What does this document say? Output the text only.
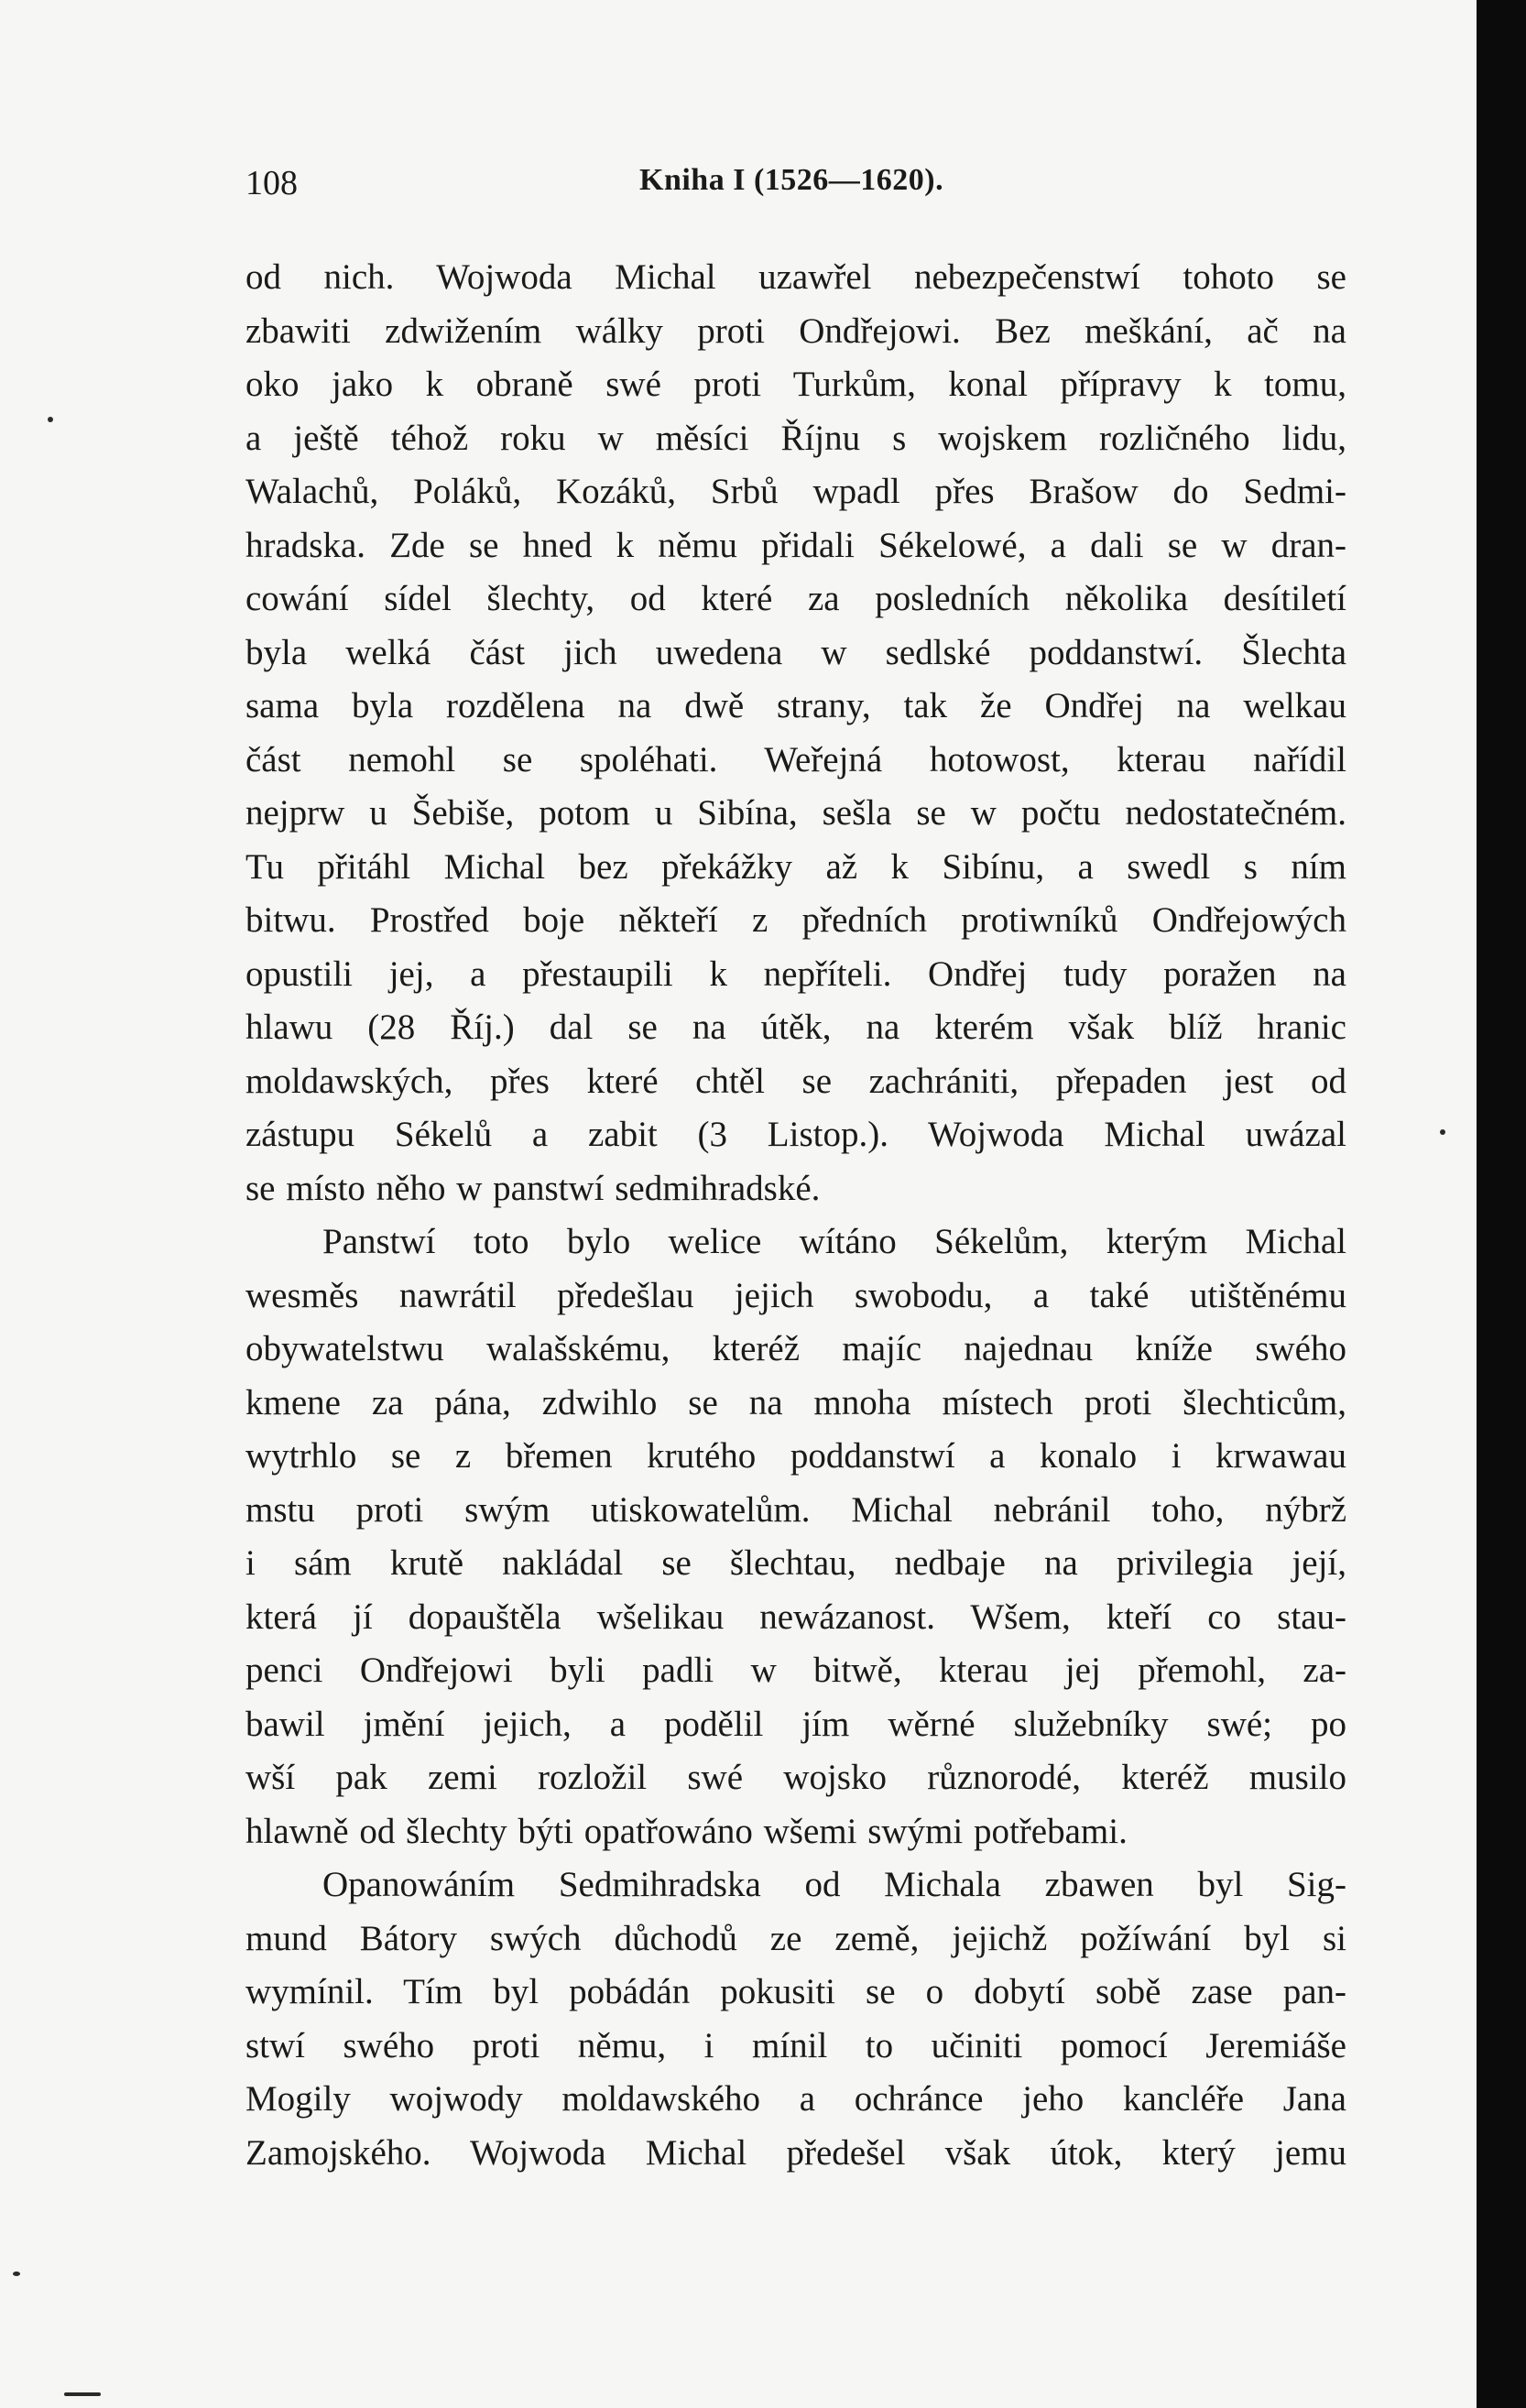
108	Kniha I (1526—1620).

od nich. Wojwoda Michal uzawřel nebezpečenstwí tohoto se
zbawiti zdwižením wálky proti Ondřejowi. Bez meškání, ač na
oko jako k obraně swé proti Turkům, konal přípravy k tomu,
a ještě téhož roku w měsíci Říjnu s wojskem rozličného lidu,
Walachů, Poláků, Kozáků, Srbů wpadl přes Brašow do Sedmi-
hradska. Zde se hned k němu přidali Sékelowé, a dali se w dran-
cowání sídel šlechty, od které za posledních několika desítiletí
byla welká část jich uwedena w sedlské poddanstwí. Šlechta
sama byla rozdělena na dwě strany, tak že Ondřej na welkau
část nemohl se spoléhati. Weřejná hotowost, kterau nařídil
nejprw u Šebiše, potom u Sibína, sešla se w počtu nedostatečném.
Tu přitáhl Michal bez překážky až k Sibínu, a swedl s ním
bitwu. Prostřed boje někteří z předních protiwníků Ondřejowých
opustili jej, a přestaupili k nepříteli. Ondřej tudy poražen na
hlawu (28 Říj.) dal se na útěk, na kterém však blíž hranic
moldawských, přes které chtěl se zachrániti, přepaden jest od
zástupu Sékelů a zabit (3 Listop.). Wojwoda Michal uwázal
se místo něho w panstwí sedmihradské.

Panstwí toto bylo welice wítáno Sékelům, kterým Michal
wesměs nawrátil předešlau jejich swobodu, a také utištěnému
obywatelstwu walašskému, kteréž majíc najednau kníže swého
kmene za pána, zdwihlo se na mnoha místech proti šlechticům,
wytrhlo se z břemen krutého poddanstwí a konalo i krwawau
mstu proti swým utiskowatelům. Michal nebránil toho, nýbrž
i sám krutě nakládal se šlechtau, nedbaje na privilegia její,
která jí dopauštěla wšelikau newázanost. Wšem, kteří co stau-
penci Ondřejowi byli padli w bitwě, kterau jej přemohl, za-
bawil jmění jejich, a podělil jím wěrné služebníky swé; po
wší pak zemi rozložil swé wojsko různorodé, kteréž musilo
hlawně od šlechty býti opatřowáno wšemi swými potřebami.

Opanowáním Sedmihradska od Michala zbawen byl Sig-
mund Bátory swých důchodů ze země, jejichž požíwání byl si
wymínil. Tím byl pobádán pokusiti se o dobytí sobě zase pan-
stwí swého proti němu, i mínil to učiniti pomocí Jeremiáše
Mogily wojwody moldawského a ochránce jeho kancléře Jana
Zamojského. Wojwoda Michal předešel však útok, který jemu
